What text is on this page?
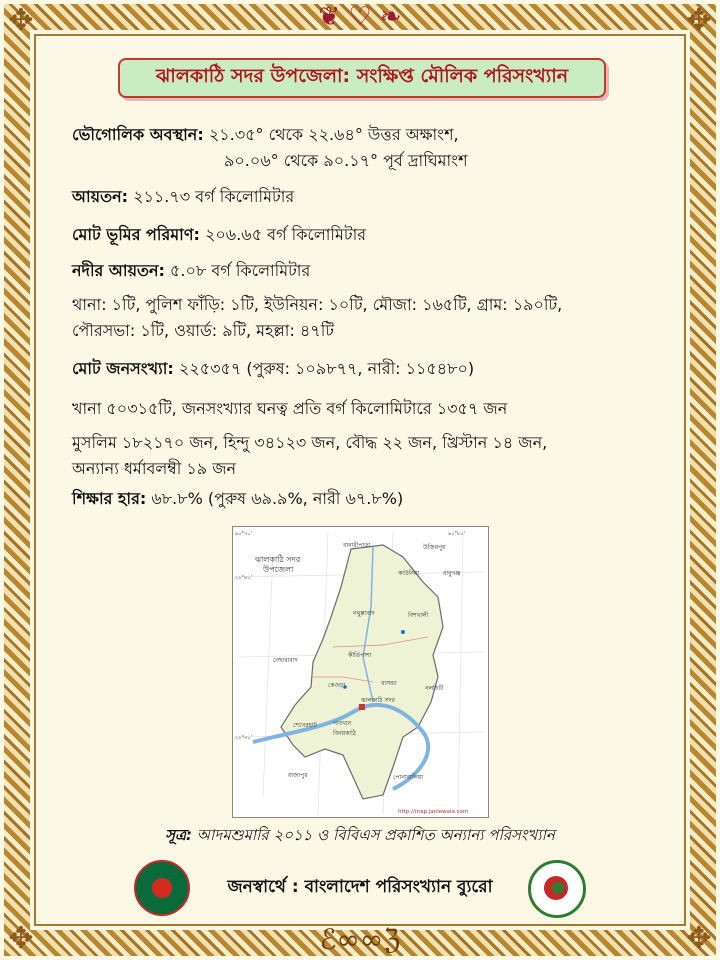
✥	✥
✥	✥
❦ ♡ ❧
ℰ∞∞ℨ
ঝালকাঠি সদর উপজেলা: সংক্ষিপ্ত মৌলিক পরিসংখ্যান
ভৌগোলিক অবস্থান: ২১.৩৫° থেকে ২২.৬৪° উত্তর অক্ষাংশ,
৯০.০৬° থেকে ৯০.১৭° পূর্ব দ্রাঘিমাংশ
আয়তন: ২১১.৭৩ বর্গ কিলোমিটার
মোট ভূমির পরিমাণ: ২০৬.৬৫ বর্গ কিলোমিটার
নদীর আয়তন: ৫.০৮ বর্গ কিলোমিটার
থানা: ১টি, পুলিশ ফাঁড়ি: ১টি, ইউনিয়ন: ১০টি, মৌজা: ১৬৫টি, গ্রাম: ১৯০টি,
পৌরসভা: ১টি, ওয়ার্ড: ৯টি, মহল্লা: ৪৭টি
মোট জনসংখ্যা: ২২৫৩৫৭ (পুরুষ: ১০৯৮৭৭, নারী: ১১৫৪৮০)
খানা ৫০৩১৫টি, জনসংখ্যার ঘনত্ব প্রতি বর্গ কিলোমিটারে ১৩৫৭ জন
মুসলিম ১৮২১৭০ জন, হিন্দু ৩৪১২৩ জন, বৌদ্ধ ২২ জন, খ্রিস্টান ১৪ জন,
অন্যান্য ধর্মাবলম্বী ১৯ জন
শিক্ষার হার: ৬৮.৮% (পুরুষ ৬৯.৯%, নারী ৬৭.৮%)
ঝালকাঠি সদর
উপজেলা
বানারীপাড়া	উজিরপুর
বাবুগঞ্জ
কাউনিয়া
বিশখালী
নথুল্লাবাদ
নেছারাবাদ
কীর্তিপাশা
বাসন্ডা
কেওড়া
ঝালকাঠি সদর
নলছিটি
শেখেরহাট	গাবখান
বিনয়কাঠি
রাজাপুর	পোনাবালিয়া
৯০°৩০'	৯০°৮০'
২২°৪০'
২২°৩০'
http://map.janlewala.com
সূত্র: আদমশুমারি ২০১১ ও বিবিএস প্রকাশিত অন্যান্য পরিসংখ্যান
জনস্বার্থে : বাংলাদেশ পরিসংখ্যান ব্যুরো
